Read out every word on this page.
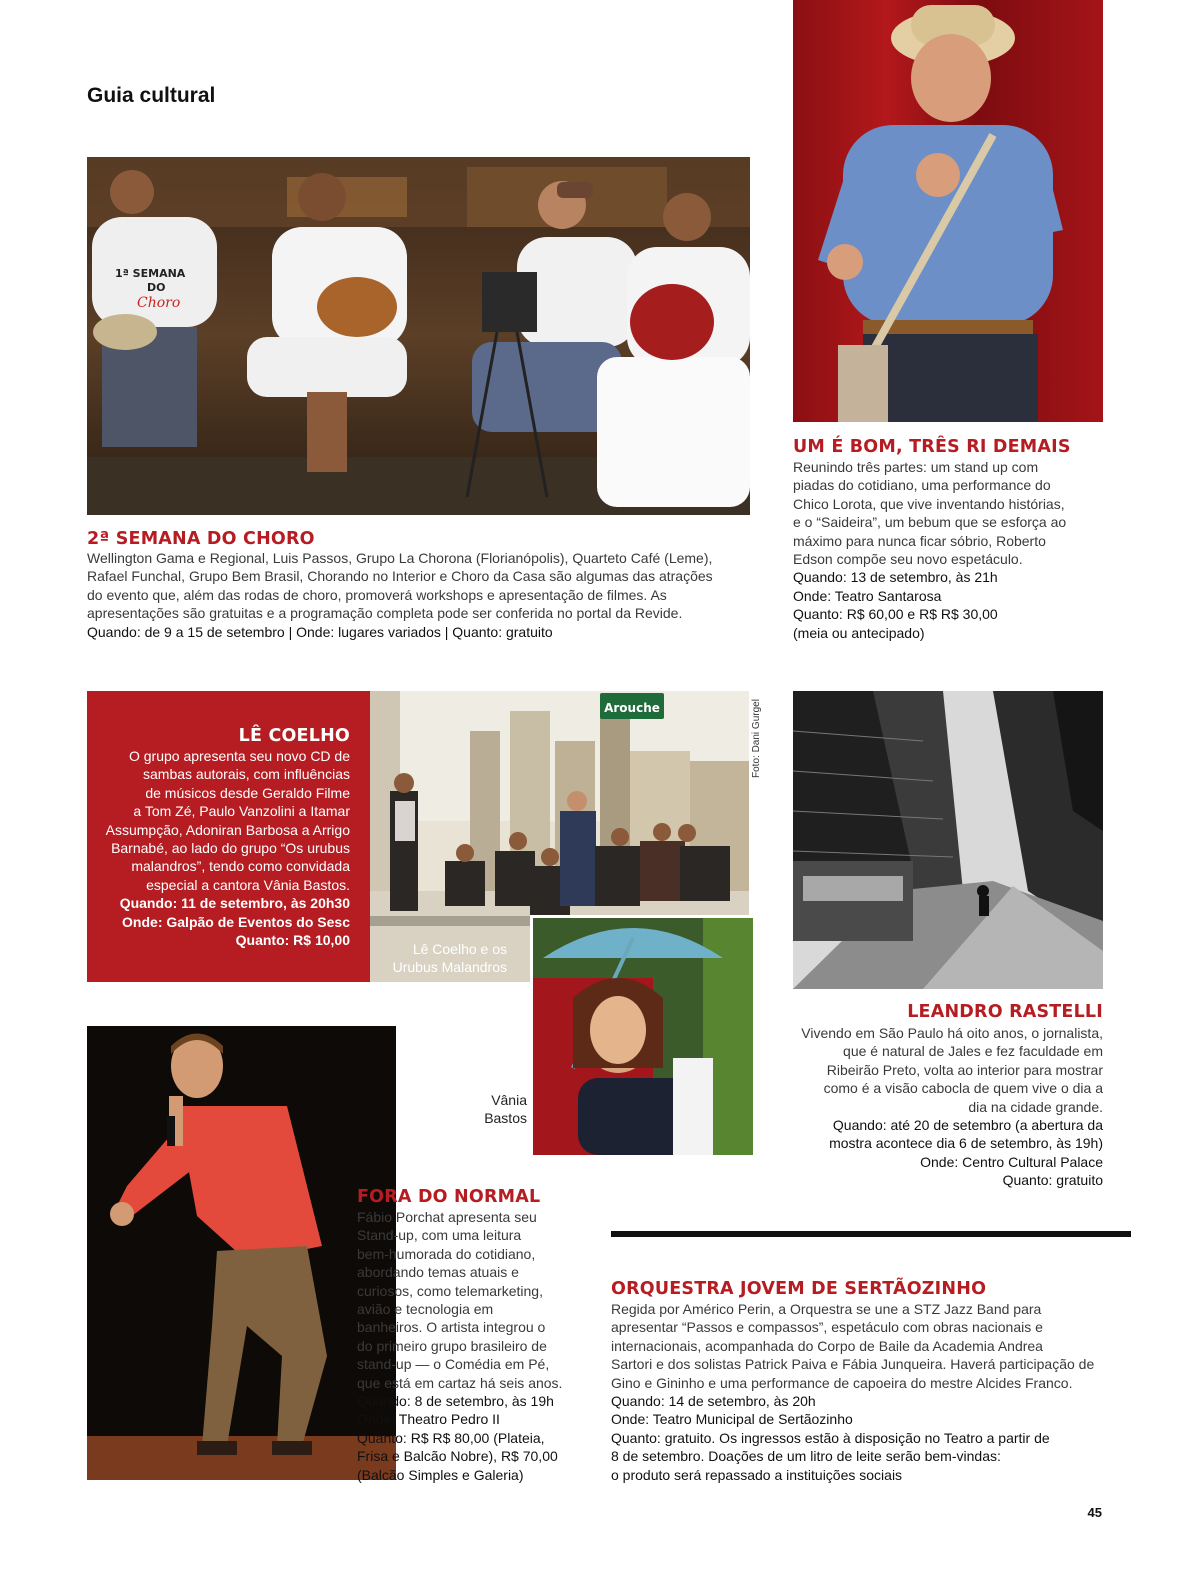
Guia cultural
1ª SEMANA
DO
Choro
2ª SEMANA DO CHORO
Wellington Gama e Regional, Luis Passos, Grupo La Chorona (Florianópolis), Quarteto Café (Leme),
Rafael Funchal, Grupo Bem Brasil, Chorando no Interior e Choro da Casa são algumas das atrações
do evento que, além das rodas de choro, promoverá workshops e apresentação de filmes. As
apresentações são gratuitas e a programação completa pode ser conferida no portal da Revide.
Quando: de 9 a 15 de setembro | Onde: lugares variados | Quanto: gratuito
UM É BOM, TRÊS RI DEMAIS
Reunindo três partes: um stand up com
piadas do cotidiano, uma performance do
Chico Lorota, que vive inventando histórias,
e o “Saideira”, um bebum que se esforça ao
máximo para nunca ficar sóbrio, Roberto
Edson compõe seu novo espetáculo.
Quando: 13 de setembro, às 21h
Onde: Teatro Santarosa
Quanto: R$ 60,00 e R$ R$ 30,00
(meia ou antecipado)
LÊ COELHO
O grupo apresenta seu novo CD de
sambas autorais, com influências
de músicos desde Geraldo Filme
a Tom Zé, Paulo Vanzolini a Itamar
Assumpção, Adoniran Barbosa a Arrigo
Barnabé, ao lado do grupo “Os urubus
malandros”, tendo como convidada
especial a cantora Vânia Bastos.
Quando: 11 de setembro, às 20h30
Onde: Galpão de Eventos do Sesc
Quanto: R$ 10,00
Arouche	Foto: Dani Gurgel
Lê Coelho e os
Urubus Malandros
Vânia
Bastos
LEANDRO RASTELLI
Vivendo em São Paulo há oito anos, o jornalista,
que é natural de Jales e fez faculdade em
Ribeirão Preto, volta ao interior para mostrar
como é a visão cabocla de quem vive o dia a
dia na cidade grande.
Quando: até 20 de setembro (a abertura da
mostra acontece dia 6 de setembro, às 19h)
Onde: Centro Cultural Palace
Quanto: gratuito
FORA DO NORMAL
Fábio Porchat apresenta seu
Stand-up, com uma leitura
bem-humorada do cotidiano,
abordando temas atuais e
curiosos, como telemarketing,
avião e tecnologia em
banheiros. O artista integrou o
do primeiro grupo brasileiro de
stand-up — o Comédia em Pé,
que está em cartaz há seis anos.
Quando: 8 de setembro, às 19h
Onde: Theatro Pedro II
Quanto: R$ R$ 80,00 (Plateia,
Frisa e Balcão Nobre), R$ 70,00
(Balcão Simples e Galeria)
ORQUESTRA JOVEM DE SERTÃOZINHO
Regida por Américo Perin, a Orquestra se une a STZ Jazz Band para
apresentar “Passos e compassos”, espetáculo com obras nacionais e
internacionais, acompanhada do Corpo de Baile da Academia Andrea
Sartori e dos solistas Patrick Paiva e Fábia Junqueira. Haverá participação de
Gino e Gininho e uma performance de capoeira do mestre Alcides Franco.
Quando: 14 de setembro, às 20h
Onde: Teatro Municipal de Sertãozinho
Quanto: gratuito. Os ingressos estão à disposição no Teatro a partir de
8 de setembro. Doações de um litro de leite serão bem-vindas:
o produto será repassado a instituições sociais
45
